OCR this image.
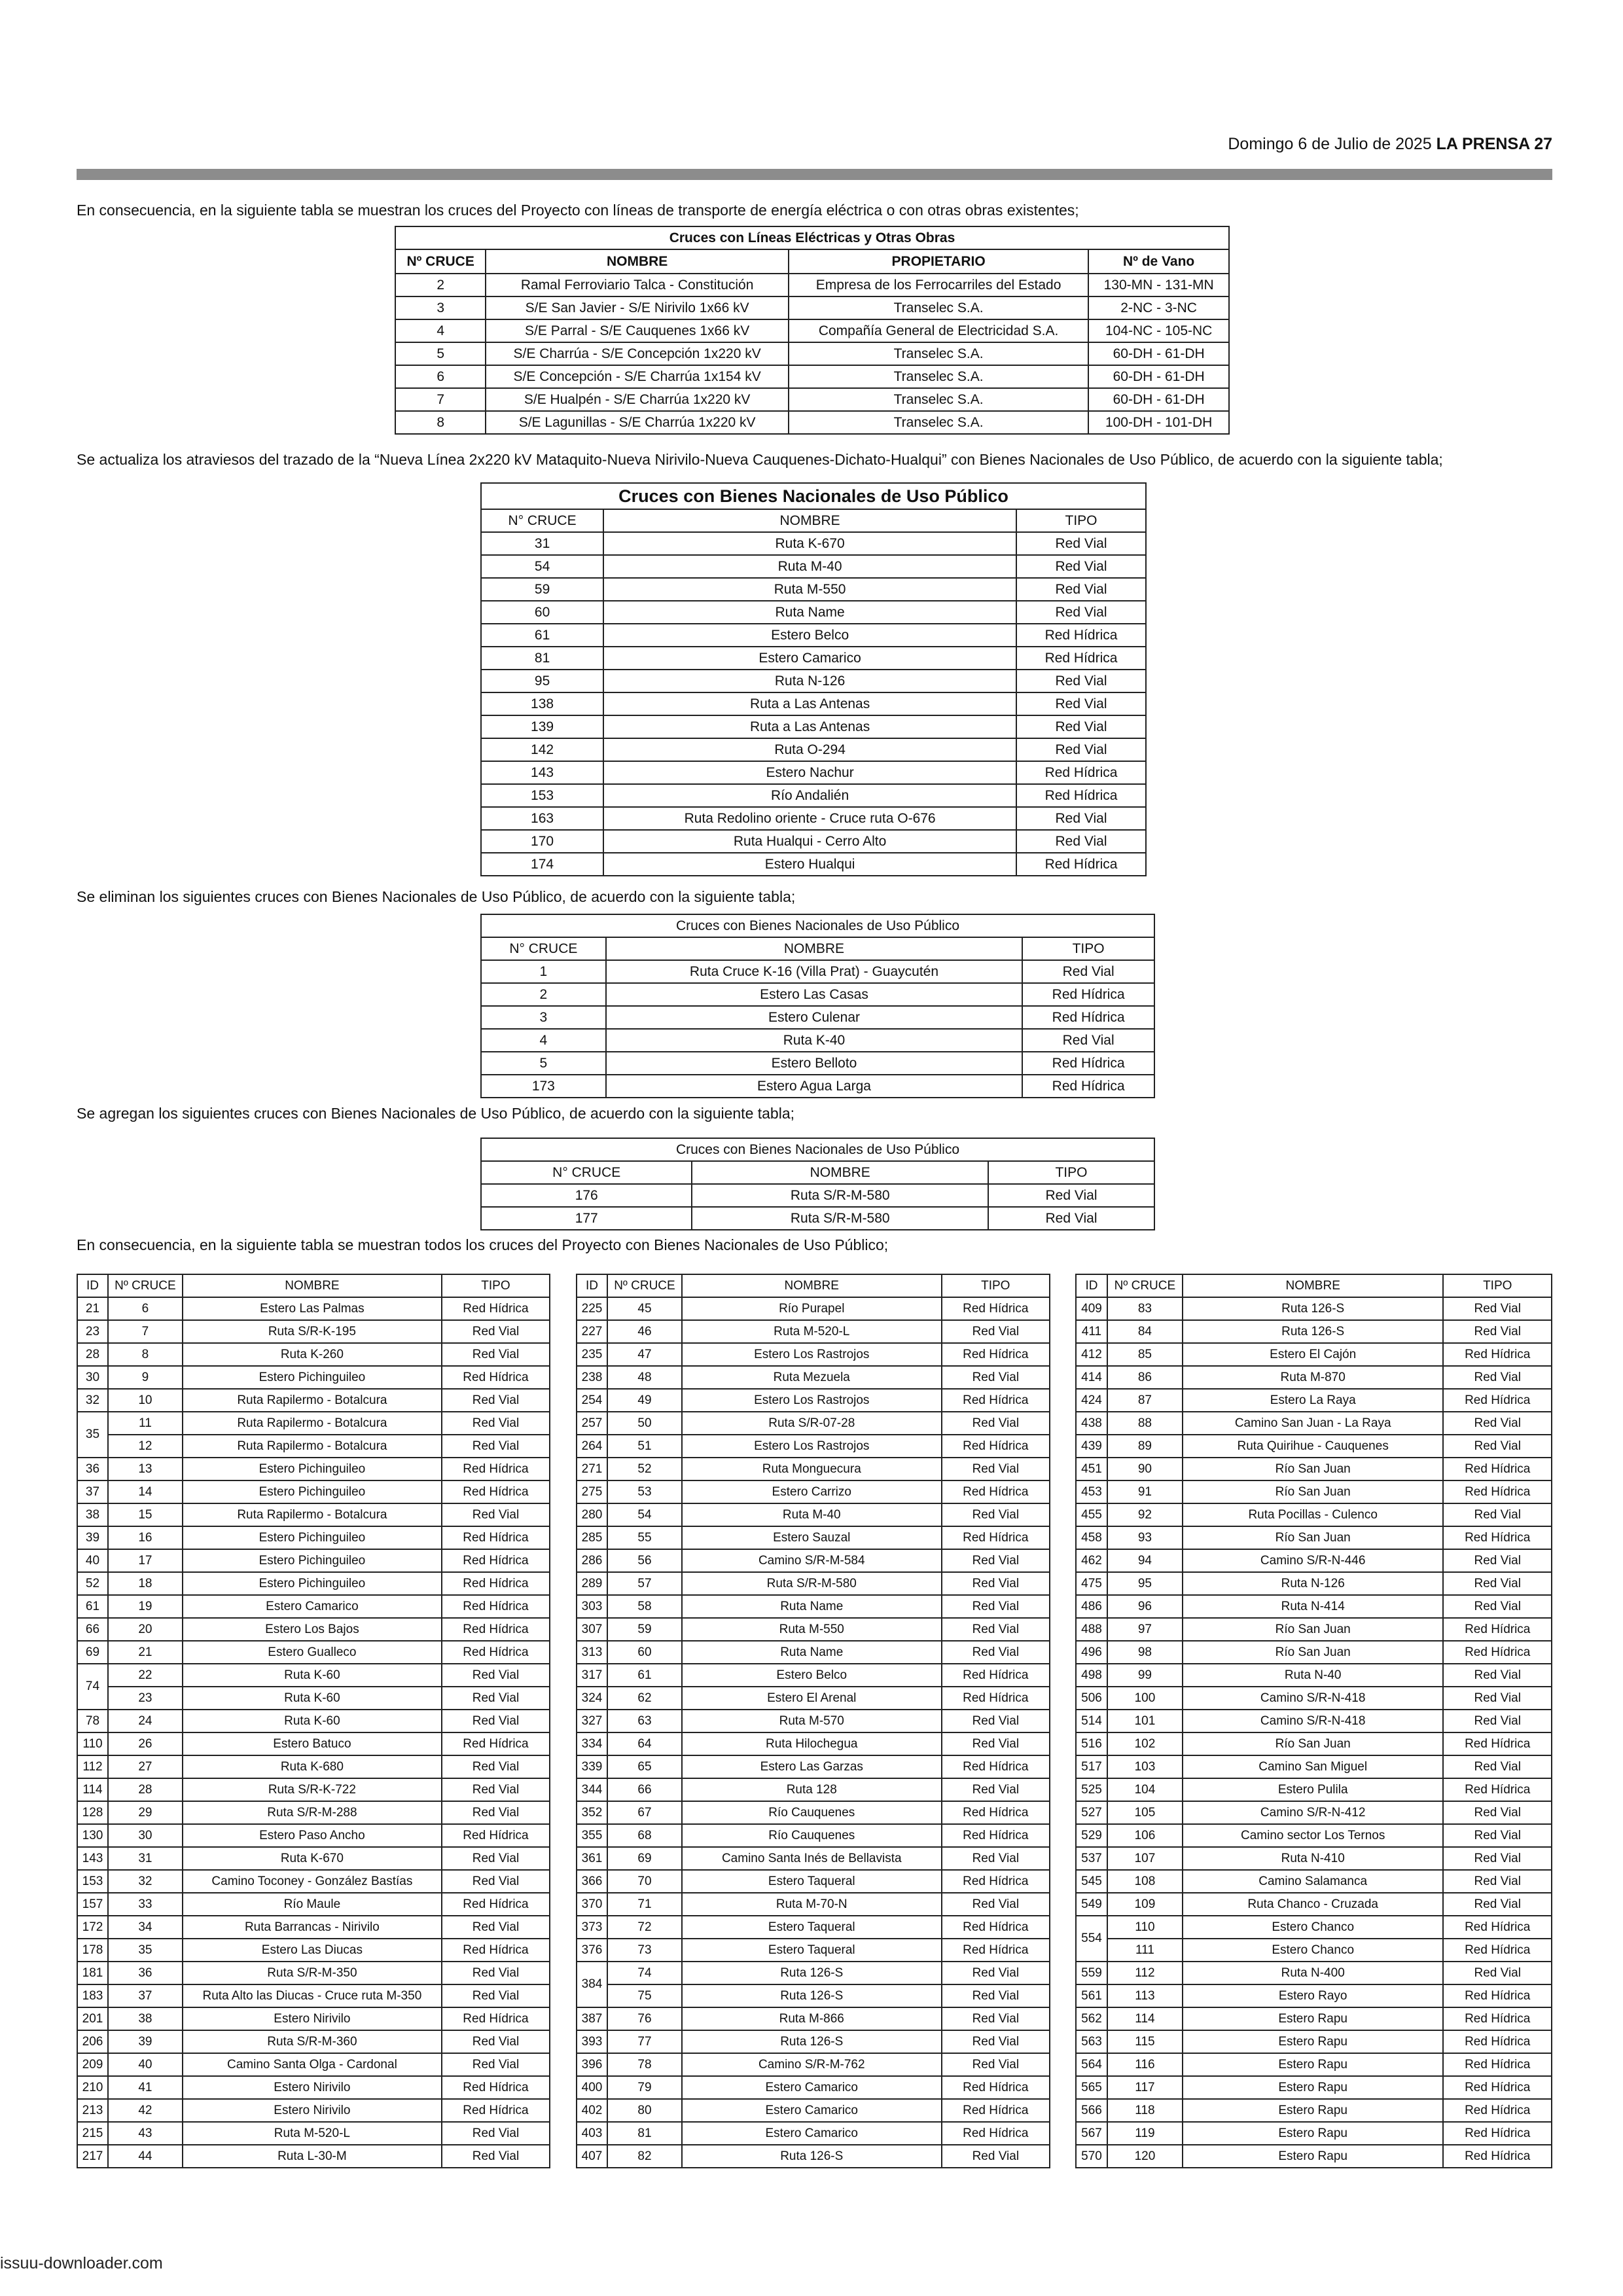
Domingo 6 de Julio de 2025 LA PRENSA 27
En consecuencia, en la siguiente tabla se muestran los cruces del Proyecto con líneas de transporte de energía eléctrica o con otras obras existentes;
Cruces con Líneas Eléctricas y Otras Obras			
Nº CRUCE	NOMBRE	PROPIETARIO	Nº de Vano
2	Ramal Ferroviario Talca - Constitución	Empresa de los Ferrocarriles del Estado	130-MN - 131-MN
3	S/E San Javier - S/E Nirivilo 1x66 kV	Transelec S.A.	2-NC - 3-NC
4	S/E Parral - S/E Cauquenes 1x66 kV	Compañía General de Electricidad S.A.	104-NC - 105-NC
5	S/E Charrúa - S/E Concepción 1x220 kV	Transelec S.A.	60-DH - 61-DH
6	S/E Concepción - S/E Charrúa 1x154 kV	Transelec S.A.	60-DH - 61-DH
7	S/E Hualpén - S/E Charrúa 1x220 kV	Transelec S.A.	60-DH - 61-DH
8	S/E Lagunillas - S/E Charrúa 1x220 kV	Transelec S.A.	100-DH - 101-DH
Se actualiza los atraviesos del trazado de la “Nueva Línea 2x220 kV Mataquito-Nueva Nirivilo-Nueva Cauquenes-Dichato-Hualqui” con Bienes Nacionales de Uso Público, de acuerdo con la siguiente tabla;
Cruces con Bienes Nacionales de Uso Público		
N° CRUCE	NOMBRE	TIPO
31	Ruta K-670	Red Vial
54	Ruta M-40	Red Vial
59	Ruta M-550	Red Vial
60	Ruta Name	Red Vial
61	Estero Belco	Red Hídrica
81	Estero Camarico	Red Hídrica
95	Ruta N-126	Red Vial
138	Ruta a Las Antenas	Red Vial
139	Ruta a Las Antenas	Red Vial
142	Ruta O-294	Red Vial
143	Estero Nachur	Red Hídrica
153	Río Andalién	Red Hídrica
163	Ruta Redolino oriente - Cruce ruta O-676	Red Vial
170	Ruta Hualqui - Cerro Alto	Red Vial
174	Estero Hualqui	Red Hídrica
Se eliminan los siguientes cruces con Bienes Nacionales de Uso Público, de acuerdo con la siguiente tabla;
Cruces con Bienes Nacionales de Uso Público		
N° CRUCE	NOMBRE	TIPO
1	Ruta Cruce K-16 (Villa Prat) - Guaycutén	Red Vial
2	Estero Las Casas	Red Hídrica
3	Estero Culenar	Red Hídrica
4	Ruta K-40	Red Vial
5	Estero Belloto	Red Hídrica
173	Estero Agua Larga	Red Hídrica
Se agregan los siguientes cruces con Bienes Nacionales de Uso Público, de acuerdo con la siguiente tabla;
Cruces con Bienes Nacionales de Uso Público		
N° CRUCE	NOMBRE	TIPO
176	Ruta S/R-M-580	Red Vial
177	Ruta S/R-M-580	Red Vial
En consecuencia, en la siguiente tabla se muestran todos los cruces del Proyecto con Bienes Nacionales de Uso Público;
ID	Nº CRUCE	NOMBRE	TIPO
21	6	Estero Las Palmas	Red Hídrica
23	7	Ruta S/R-K-195	Red Vial
28	8	Ruta K-260	Red Vial
30	9	Estero Pichinguileo	Red Hídrica
32	10	Ruta Rapilermo - Botalcura	Red Vial
35	11	Ruta Rapilermo - Botalcura	Red Vial
	12	Ruta Rapilermo - Botalcura	Red Vial
36	13	Estero Pichinguileo	Red Hídrica
37	14	Estero Pichinguileo	Red Hídrica
38	15	Ruta Rapilermo - Botalcura	Red Vial
39	16	Estero Pichinguileo	Red Hídrica
40	17	Estero Pichinguileo	Red Hídrica
52	18	Estero Pichinguileo	Red Hídrica
61	19	Estero Camarico	Red Hídrica
66	20	Estero Los Bajos	Red Hídrica
69	21	Estero Gualleco	Red Hídrica
74	22	Ruta K-60	Red Vial
	23	Ruta K-60	Red Vial
78	24	Ruta K-60	Red Vial
110	26	Estero Batuco	Red Hídrica
112	27	Ruta K-680	Red Vial
114	28	Ruta S/R-K-722	Red Vial
128	29	Ruta S/R-M-288	Red Vial
130	30	Estero Paso Ancho	Red Hídrica
143	31	Ruta K-670	Red Vial
153	32	Camino Toconey - González Bastías	Red Vial
157	33	Río Maule	Red Hídrica
172	34	Ruta Barrancas - Nirivilo	Red Vial
178	35	Estero Las Diucas	Red Hídrica
181	36	Ruta S/R-M-350	Red Vial
183	37	Ruta Alto las Diucas - Cruce ruta M-350	Red Vial
201	38	Estero Nirivilo	Red Hídrica
206	39	Ruta S/R-M-360	Red Vial
209	40	Camino Santa Olga - Cardonal	Red Vial
210	41	Estero Nirivilo	Red Hídrica
213	42	Estero Nirivilo	Red Hídrica
215	43	Ruta M-520-L	Red Vial
217	44	Ruta L-30-M	Red Vial
ID	Nº CRUCE	NOMBRE	TIPO
225	45	Río Purapel	Red Hídrica
227	46	Ruta M-520-L	Red Vial
235	47	Estero Los Rastrojos	Red Hídrica
238	48	Ruta Mezuela	Red Vial
254	49	Estero Los Rastrojos	Red Hídrica
257	50	Ruta S/R-07-28	Red Vial
264	51	Estero Los Rastrojos	Red Hídrica
271	52	Ruta Monguecura	Red Vial
275	53	Estero Carrizo	Red Hídrica
280	54	Ruta M-40	Red Vial
285	55	Estero Sauzal	Red Hídrica
286	56	Camino S/R-M-584	Red Vial
289	57	Ruta S/R-M-580	Red Vial
303	58	Ruta Name	Red Vial
307	59	Ruta M-550	Red Vial
313	60	Ruta Name	Red Vial
317	61	Estero Belco	Red Hídrica
324	62	Estero El Arenal	Red Hídrica
327	63	Ruta M-570	Red Vial
334	64	Ruta Hilochegua	Red Vial
339	65	Estero Las Garzas	Red Hídrica
344	66	Ruta 128	Red Vial
352	67	Río Cauquenes	Red Hídrica
355	68	Río Cauquenes	Red Hídrica
361	69	Camino Santa Inés de Bellavista	Red Vial
366	70	Estero Taqueral	Red Hídrica
370	71	Ruta M-70-N	Red Vial
373	72	Estero Taqueral	Red Hídrica
376	73	Estero Taqueral	Red Hídrica
384	74	Ruta 126-S	Red Vial
	75	Ruta 126-S	Red Vial
387	76	Ruta M-866	Red Vial
393	77	Ruta 126-S	Red Vial
396	78	Camino S/R-M-762	Red Vial
400	79	Estero Camarico	Red Hídrica
402	80	Estero Camarico	Red Hídrica
403	81	Estero Camarico	Red Hídrica
407	82	Ruta 126-S	Red Vial
ID	Nº CRUCE	NOMBRE	TIPO
409	83	Ruta 126-S	Red Vial
411	84	Ruta 126-S	Red Vial
412	85	Estero El Cajón	Red Hídrica
414	86	Ruta M-870	Red Vial
424	87	Estero La Raya	Red Hídrica
438	88	Camino San Juan - La Raya	Red Vial
439	89	Ruta Quirihue - Cauquenes	Red Vial
451	90	Río San Juan	Red Hídrica
453	91	Río San Juan	Red Hídrica
455	92	Ruta Pocillas - Culenco	Red Vial
458	93	Río San Juan	Red Hídrica
462	94	Camino S/R-N-446	Red Vial
475	95	Ruta N-126	Red Vial
486	96	Ruta N-414	Red Vial
488	97	Río San Juan	Red Hídrica
496	98	Río San Juan	Red Hídrica
498	99	Ruta N-40	Red Vial
506	100	Camino S/R-N-418	Red Vial
514	101	Camino S/R-N-418	Red Vial
516	102	Río San Juan	Red Hídrica
517	103	Camino San Miguel	Red Vial
525	104	Estero Pulila	Red Hídrica
527	105	Camino S/R-N-412	Red Vial
529	106	Camino sector Los Ternos	Red Vial
537	107	Ruta N-410	Red Vial
545	108	Camino Salamanca	Red Vial
549	109	Ruta Chanco - Cruzada	Red Vial
554	110	Estero Chanco	Red Hídrica
	111	Estero Chanco	Red Hídrica
559	112	Ruta N-400	Red Vial
561	113	Estero Rayo	Red Hídrica
562	114	Estero Rapu	Red Hídrica
563	115	Estero Rapu	Red Hídrica
564	116	Estero Rapu	Red Hídrica
565	117	Estero Rapu	Red Hídrica
566	118	Estero Rapu	Red Hídrica
567	119	Estero Rapu	Red Hídrica
570	120	Estero Rapu	Red Hídrica
issuu-downloader.com
